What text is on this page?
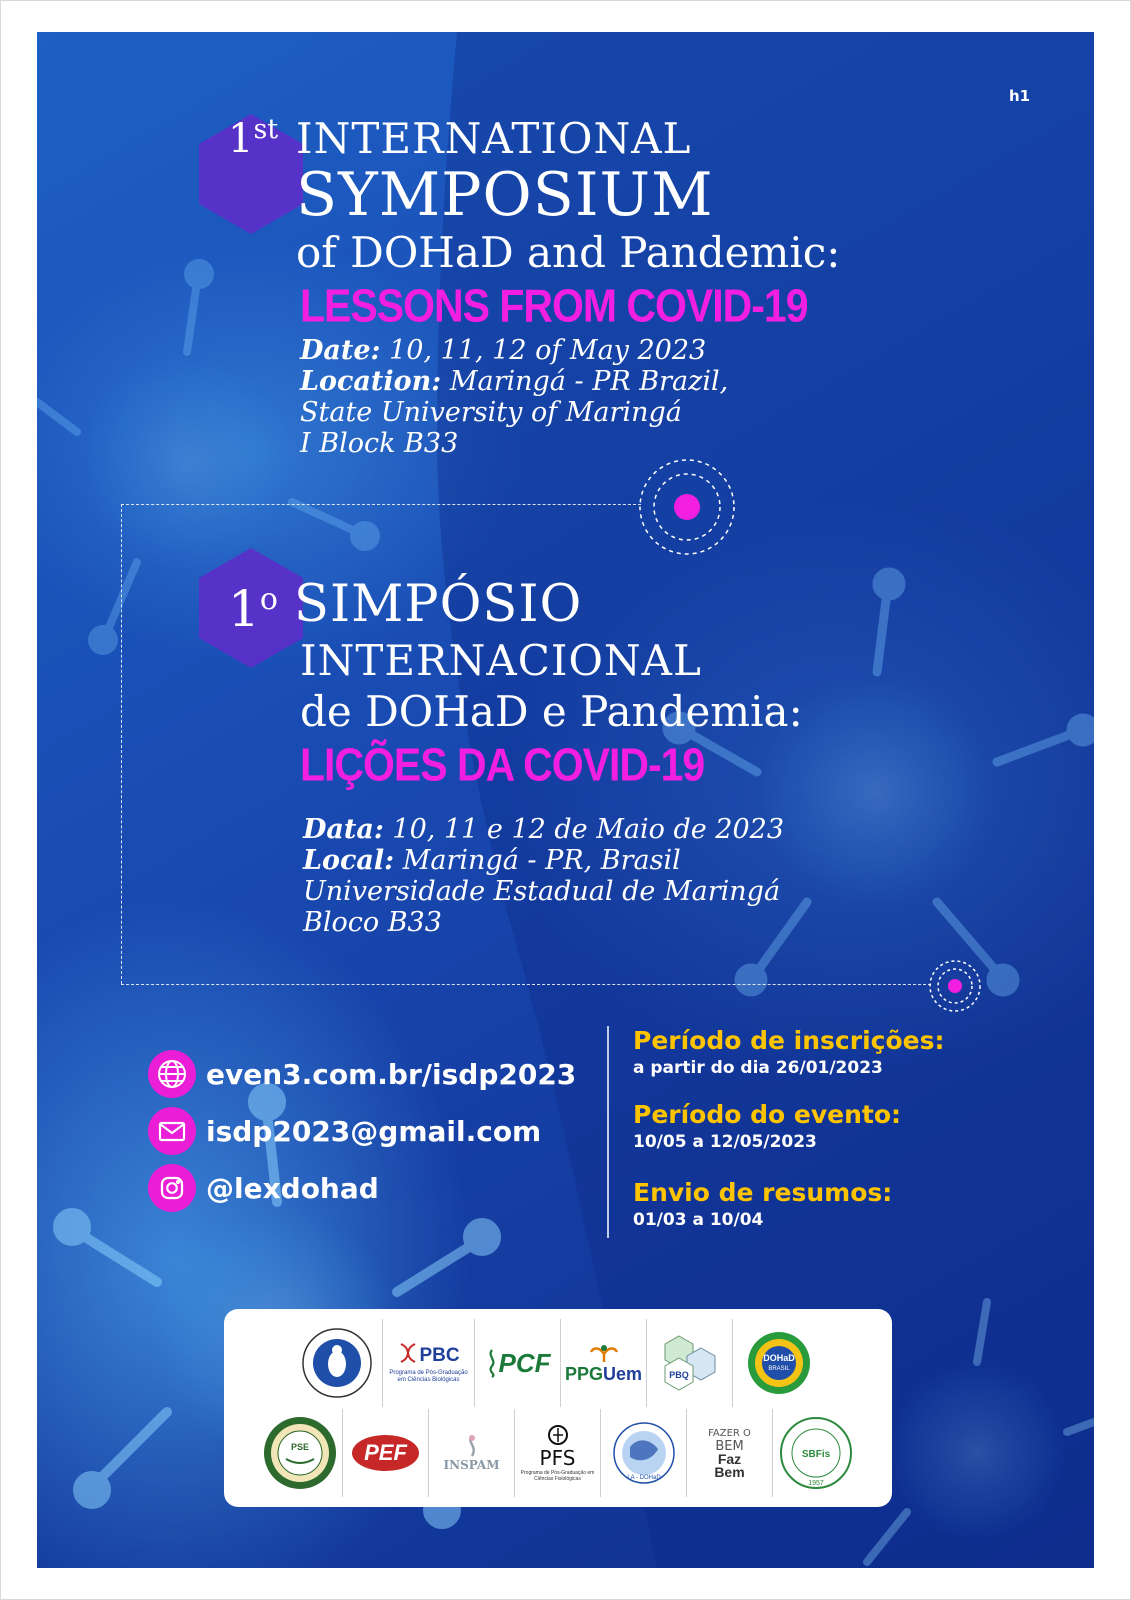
h1
1st INTERNATIONAL
SYMPOSIUM
of DOHaD and Pandemic:
LESSONS FROM COVID-19
Date: 10, 11, 12 of May 2023
Location: Maringá - PR Brazil,
State University of Maringá
I Block B33
1o SIMPÓSIO
INTERNACIONAL
de DOHaD e Pandemia:
LIÇÕES DA COVID-19
Data: 10, 11 e 12 de Maio de 2023
Local: Maringá - PR, Brasil
Universidade Estadual de Maringá
Bloco B33
even3.com.br/isdp2023
isdp2023@gmail.com
@lexdohad
Período de inscrições:
a partir do dia 26/01/2023
Período do evento:
10/05 a 12/05/2023
Envio de resumos:
01/03 a 10/04
PBC
Programa de Pós-Graduação em Ciências Biológicas
PCF PPGUem	PBQ
DOHaD
BRASIL
PSE	PEF	INSPAM PFS
Programa de Pós-Graduação em Ciências Fisiológicas	LA - DOHaD
FAZER O
BEM
Faz
Bem
SBFis
1957
